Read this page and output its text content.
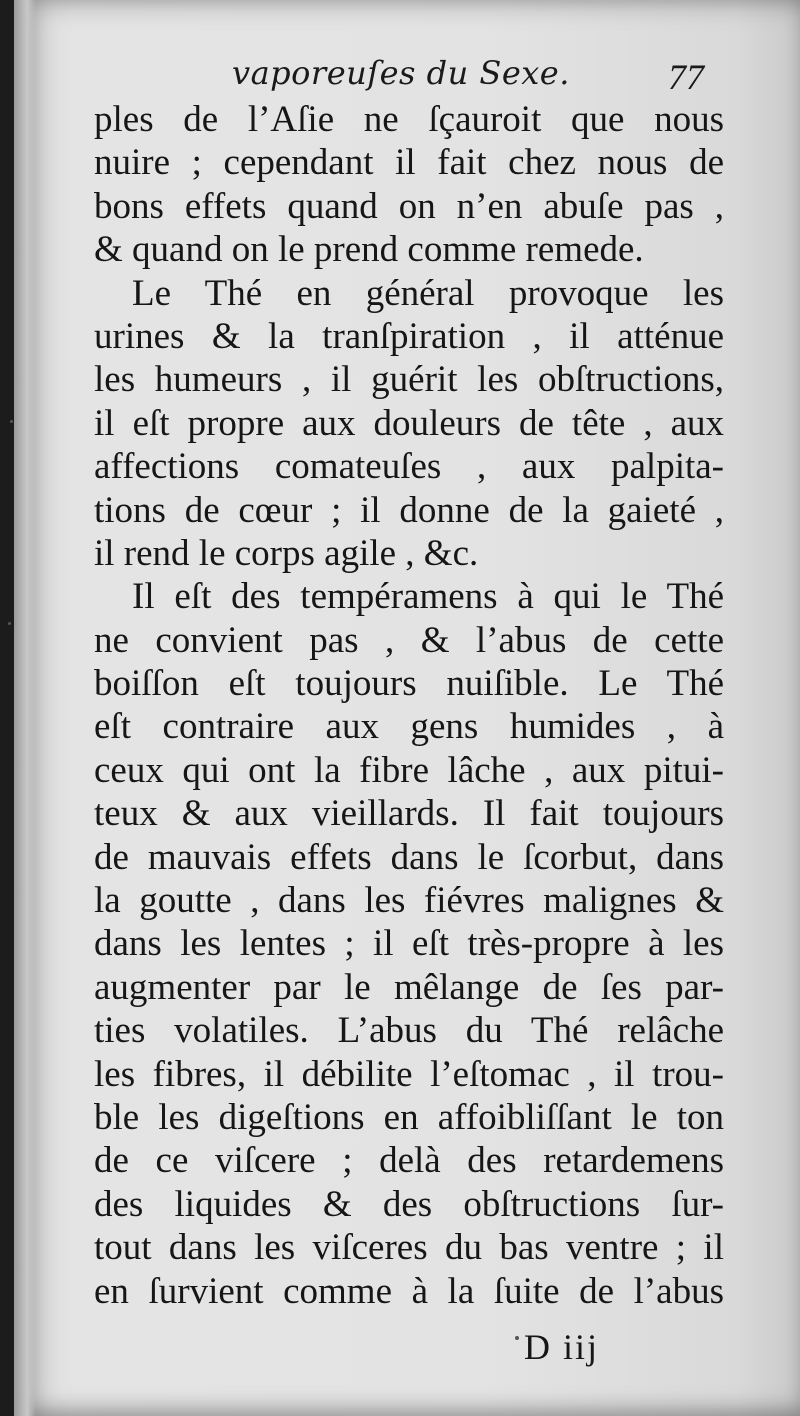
vaporeuſes du Sexe.	77
ples de l’Aſie ne ſçauroit que nous
nuire ; cependant il fait chez nous de
bons effets quand on n’en abuſe pas ,
& quand on le prend comme remede.
Le Thé en général provoque les
urines & la tranſpiration , il atténue
les humeurs , il guérit les obſtructions,
il eſt propre aux douleurs de tête , aux
affections comateuſes , aux palpita-
tions de cœur ; il donne de la gaieté ,
il rend le corps agile , &c.
Il eſt des tempéramens à qui le Thé
ne convient pas , & l’abus de cette
boiſſon eſt toujours nuiſible. Le Thé
eſt contraire aux gens humides , à
ceux qui ont la fibre lâche , aux pitui-
teux & aux vieillards. Il fait toujours
de mauvais effets dans le ſcorbut, dans
la goutte , dans les fiévres malignes &
dans les lentes ; il eſt très-propre à les
augmenter par le mêlange de ſes par-
ties volatiles. L’abus du Thé relâche
les fibres, il débilite l’eſtomac , il trou-
ble les digeſtions en affoibliſſant le ton
de ce viſcere ; delà des retardemens
des liquides & des obſtructions ſur-
tout dans les viſceres du bas ventre ; il
en ſurvient comme à la ſuite de l’abus
D iij
